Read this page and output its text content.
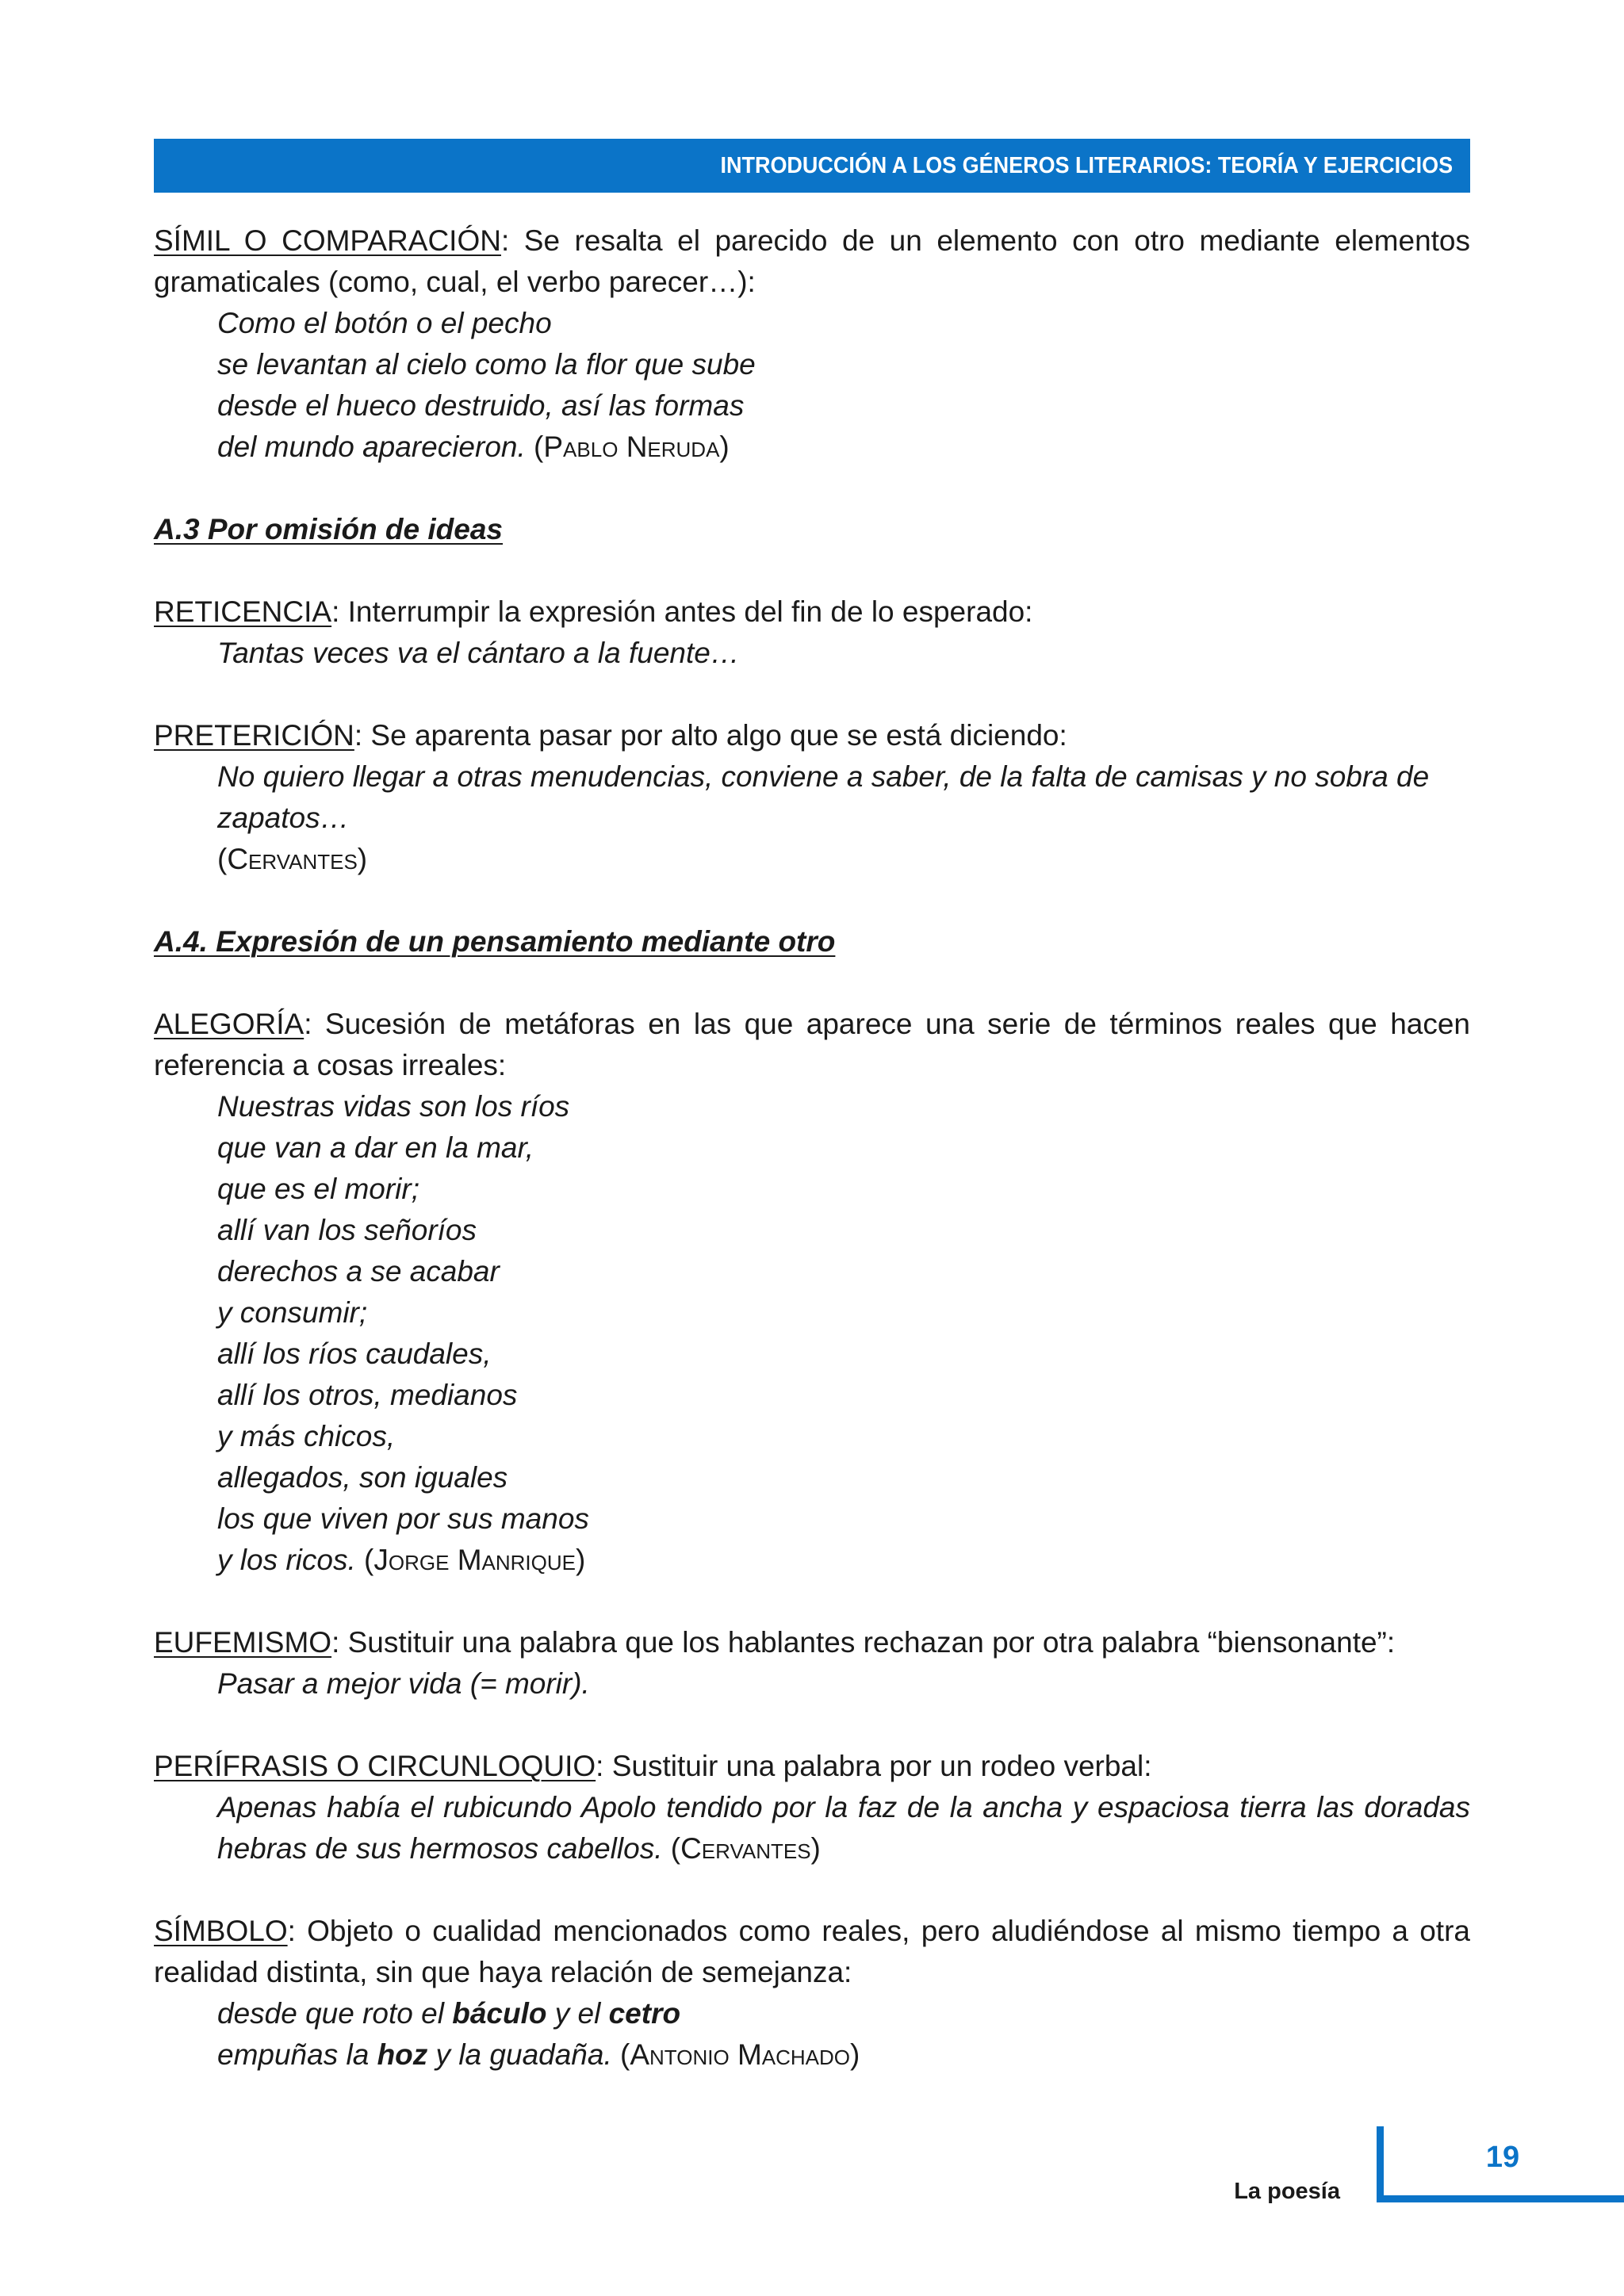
INTRODUCCIÓN A LOS GÉNEROS LITERARIOS: TEORÍA Y EJERCICIOS

SÍMIL O COMPARACIÓN: Se resalta el parecido de un elemento con otro mediante elementos gramaticales (como, cual, el verbo parecer…):

Como el botón o el pecho

se levantan al cielo como la flor que sube

desde el hueco destruido, así las formas

del mundo aparecieron. (Pablo Neruda)

A.3 Por omisión de ideas

RETICENCIA: Interrumpir la expresión antes del fin de lo esperado:

Tantas veces va el cántaro a la fuente…

PRETERICIÓN: Se aparenta pasar por alto algo que se está diciendo:

No quiero llegar a otras menudencias, conviene a saber, de la falta de camisas y no sobra de zapatos…

(Cervantes)

A.4. Expresión de un pensamiento mediante otro

ALEGORÍA: Sucesión de metáforas en las que aparece una serie de términos reales que hacen referencia a cosas irreales:

Nuestras vidas son los ríos

que van a dar en la mar,

que es el morir;

allí van los señoríos

derechos a se acabar

y consumir;

allí los ríos caudales,

allí los otros, medianos

y más chicos,

allegados, son iguales

los que viven por sus manos

y los ricos. (Jorge Manrique)

EUFEMISMO: Sustituir una palabra que los hablantes rechazan por otra palabra “biensonante”:

Pasar a mejor vida (= morir).

PERÍFRASIS O CIRCUNLOQUIO: Sustituir una palabra por un rodeo verbal:

Apenas había el rubicundo Apolo tendido por la faz de la ancha y espaciosa tierra las doradas hebras de sus hermosos cabellos. (Cervantes)

SÍMBOLO: Objeto o cualidad mencionados como reales, pero aludiéndose al mismo tiempo a otra realidad distinta, sin que haya relación de semejanza:

desde que roto el báculo y el cetro

empuñas la hoz y la guadaña. (Antonio Machado)

19
La poesía
